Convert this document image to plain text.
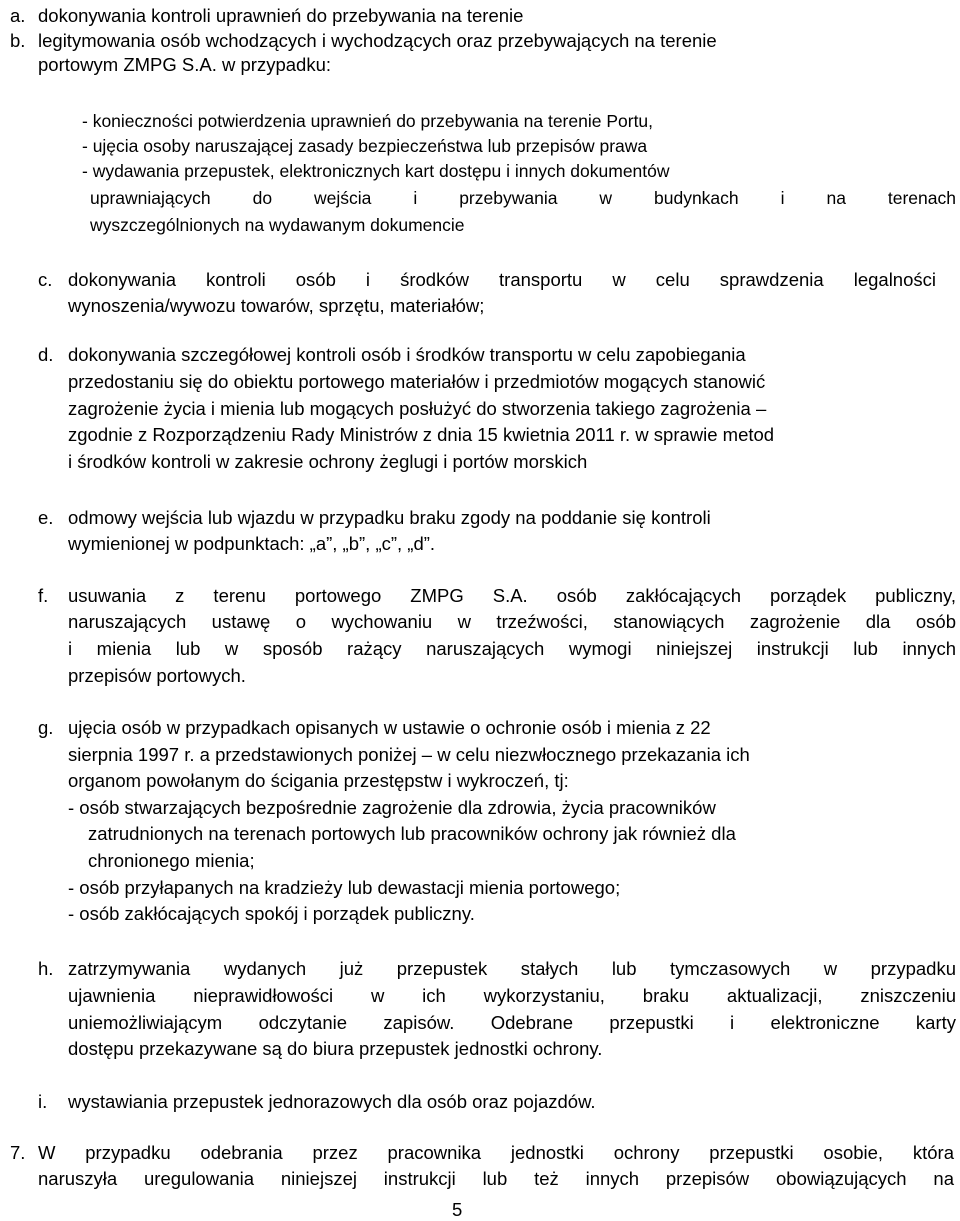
a. dokonywania kontroli uprawnień do przebywania na terenie
b. legitymowania osób wchodzących i wychodzących oraz przebywających na terenie
portowym ZMPG S.A. w przypadku:
- konieczności potwierdzenia uprawnień do przebywania na terenie Portu,
- ujęcia osoby naruszającej zasady bezpieczeństwa lub przepisów prawa
- wydawania przepustek, elektronicznych kart dostępu i innych dokumentów
uprawniających do wejścia i przebywania w budynkach i na terenach
wyszczególnionych na wydawanym dokumencie
c. dokonywania kontroli osób i środków transportu w celu sprawdzenia legalności
wynoszenia/wywozu towarów, sprzętu, materiałów;
d. dokonywania szczegółowej kontroli osób i środków transportu w celu zapobiegania
przedostaniu się do obiektu portowego materiałów i przedmiotów mogących stanowić
zagrożenie życia i mienia lub mogących posłużyć do stworzenia takiego zagrożenia –
zgodnie z Rozporządzeniu Rady Ministrów z dnia 15 kwietnia 2011 r. w sprawie metod
i środków kontroli w zakresie ochrony żeglugi i portów morskich
e. odmowy wejścia lub wjazdu w przypadku braku zgody na poddanie się kontroli
wymienionej w podpunktach: „a”, „b”, „c”, „d”.
f. usuwania z terenu portowego ZMPG S.A. osób zakłócających porządek publiczny,
naruszających ustawę o wychowaniu w trzeźwości, stanowiących zagrożenie dla osób
i mienia lub w sposób rażący naruszających wymogi niniejszej instrukcji lub innych
przepisów portowych.
g. ujęcia osób w przypadkach opisanych w ustawie o ochronie osób i mienia z 22
sierpnia 1997 r. a przedstawionych poniżej – w celu niezwłocznego przekazania ich
organom powołanym do ścigania przestępstw i wykroczeń, tj:
- osób stwarzających bezpośrednie zagrożenie dla zdrowia, życia pracowników
zatrudnionych na terenach portowych lub pracowników ochrony jak również dla
chronionego mienia;
- osób przyłapanych na kradzieży lub dewastacji mienia portowego;
- osób zakłócających spokój i porządek publiczny.
h. zatrzymywania wydanych już przepustek stałych lub tymczasowych w przypadku
ujawnienia nieprawidłowości w ich wykorzystaniu, braku aktualizacji, zniszczeniu
uniemożliwiającym odczytanie zapisów. Odebrane przepustki i elektroniczne karty
dostępu przekazywane są do biura przepustek jednostki ochrony.
i. wystawiania przepustek jednorazowych dla osób oraz pojazdów.
7. W przypadku odebrania przez pracownika jednostki ochrony przepustki osobie, która
naruszyła uregulowania niniejszej instrukcji lub też innych przepisów obowiązujących na
5
